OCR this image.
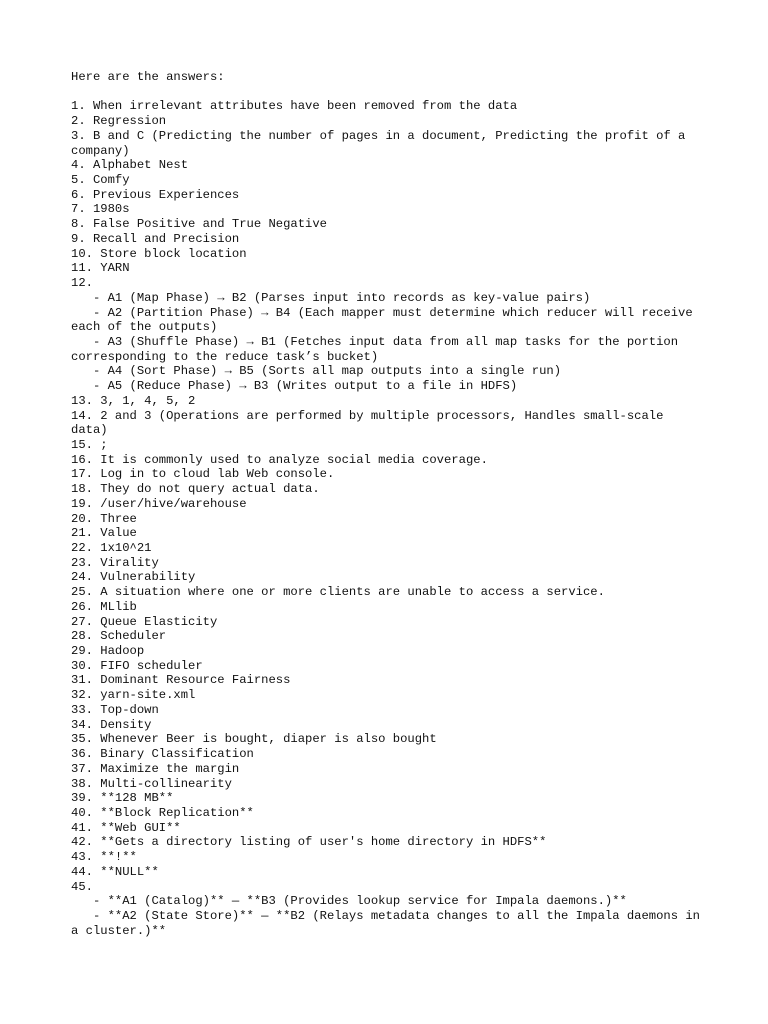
Here are the answers:
1. When irrelevant attributes have been removed from the data
2. Regression
3. B and C (Predicting the number of pages in a document, Predicting the profit of a company)
4. Alphabet Nest
5. Comfy
6. Previous Experiences
7. 1980s
8. False Positive and True Negative
9. Recall and Precision
10. Store block location
11. YARN
12.
- A1 (Map Phase) → B2 (Parses input into records as key-value pairs)
- A2 (Partition Phase) → B4 (Each mapper must determine which reducer will receive each of the outputs)
- A3 (Shuffle Phase) → B1 (Fetches input data from all map tasks for the portion corresponding to the reduce task’s bucket)
- A4 (Sort Phase) → B5 (Sorts all map outputs into a single run)
- A5 (Reduce Phase) → B3 (Writes output to a file in HDFS)
13. 3, 1, 4, 5, 2
14. 2 and 3 (Operations are performed by multiple processors, Handles small-scale data)
15. ;
16. It is commonly used to analyze social media coverage.
17. Log in to cloud lab Web console.
18. They do not query actual data.
19. /user/hive/warehouse
20. Three
21. Value
22. 1x10^21
23. Virality
24. Vulnerability
25. A situation where one or more clients are unable to access a service.
26. MLlib
27. Queue Elasticity
28. Scheduler
29. Hadoop
30. FIFO scheduler
31. Dominant Resource Fairness
32. yarn-site.xml
33. Top-down
34. Density
35. Whenever Beer is bought, diaper is also bought
36. Binary Classification
37. Maximize the margin
38. Multi-collinearity
39. **128 MB**
40. **Block Replication**
41. **Web GUI**
42. **Gets a directory listing of user's home directory in HDFS**
43. **!**
44. **NULL**
45.
- **A1 (Catalog)** — **B3 (Provides lookup service for Impala daemons.)**
- **A2 (State Store)** — **B2 (Relays metadata changes to all the Impala daemons in a cluster.)**
